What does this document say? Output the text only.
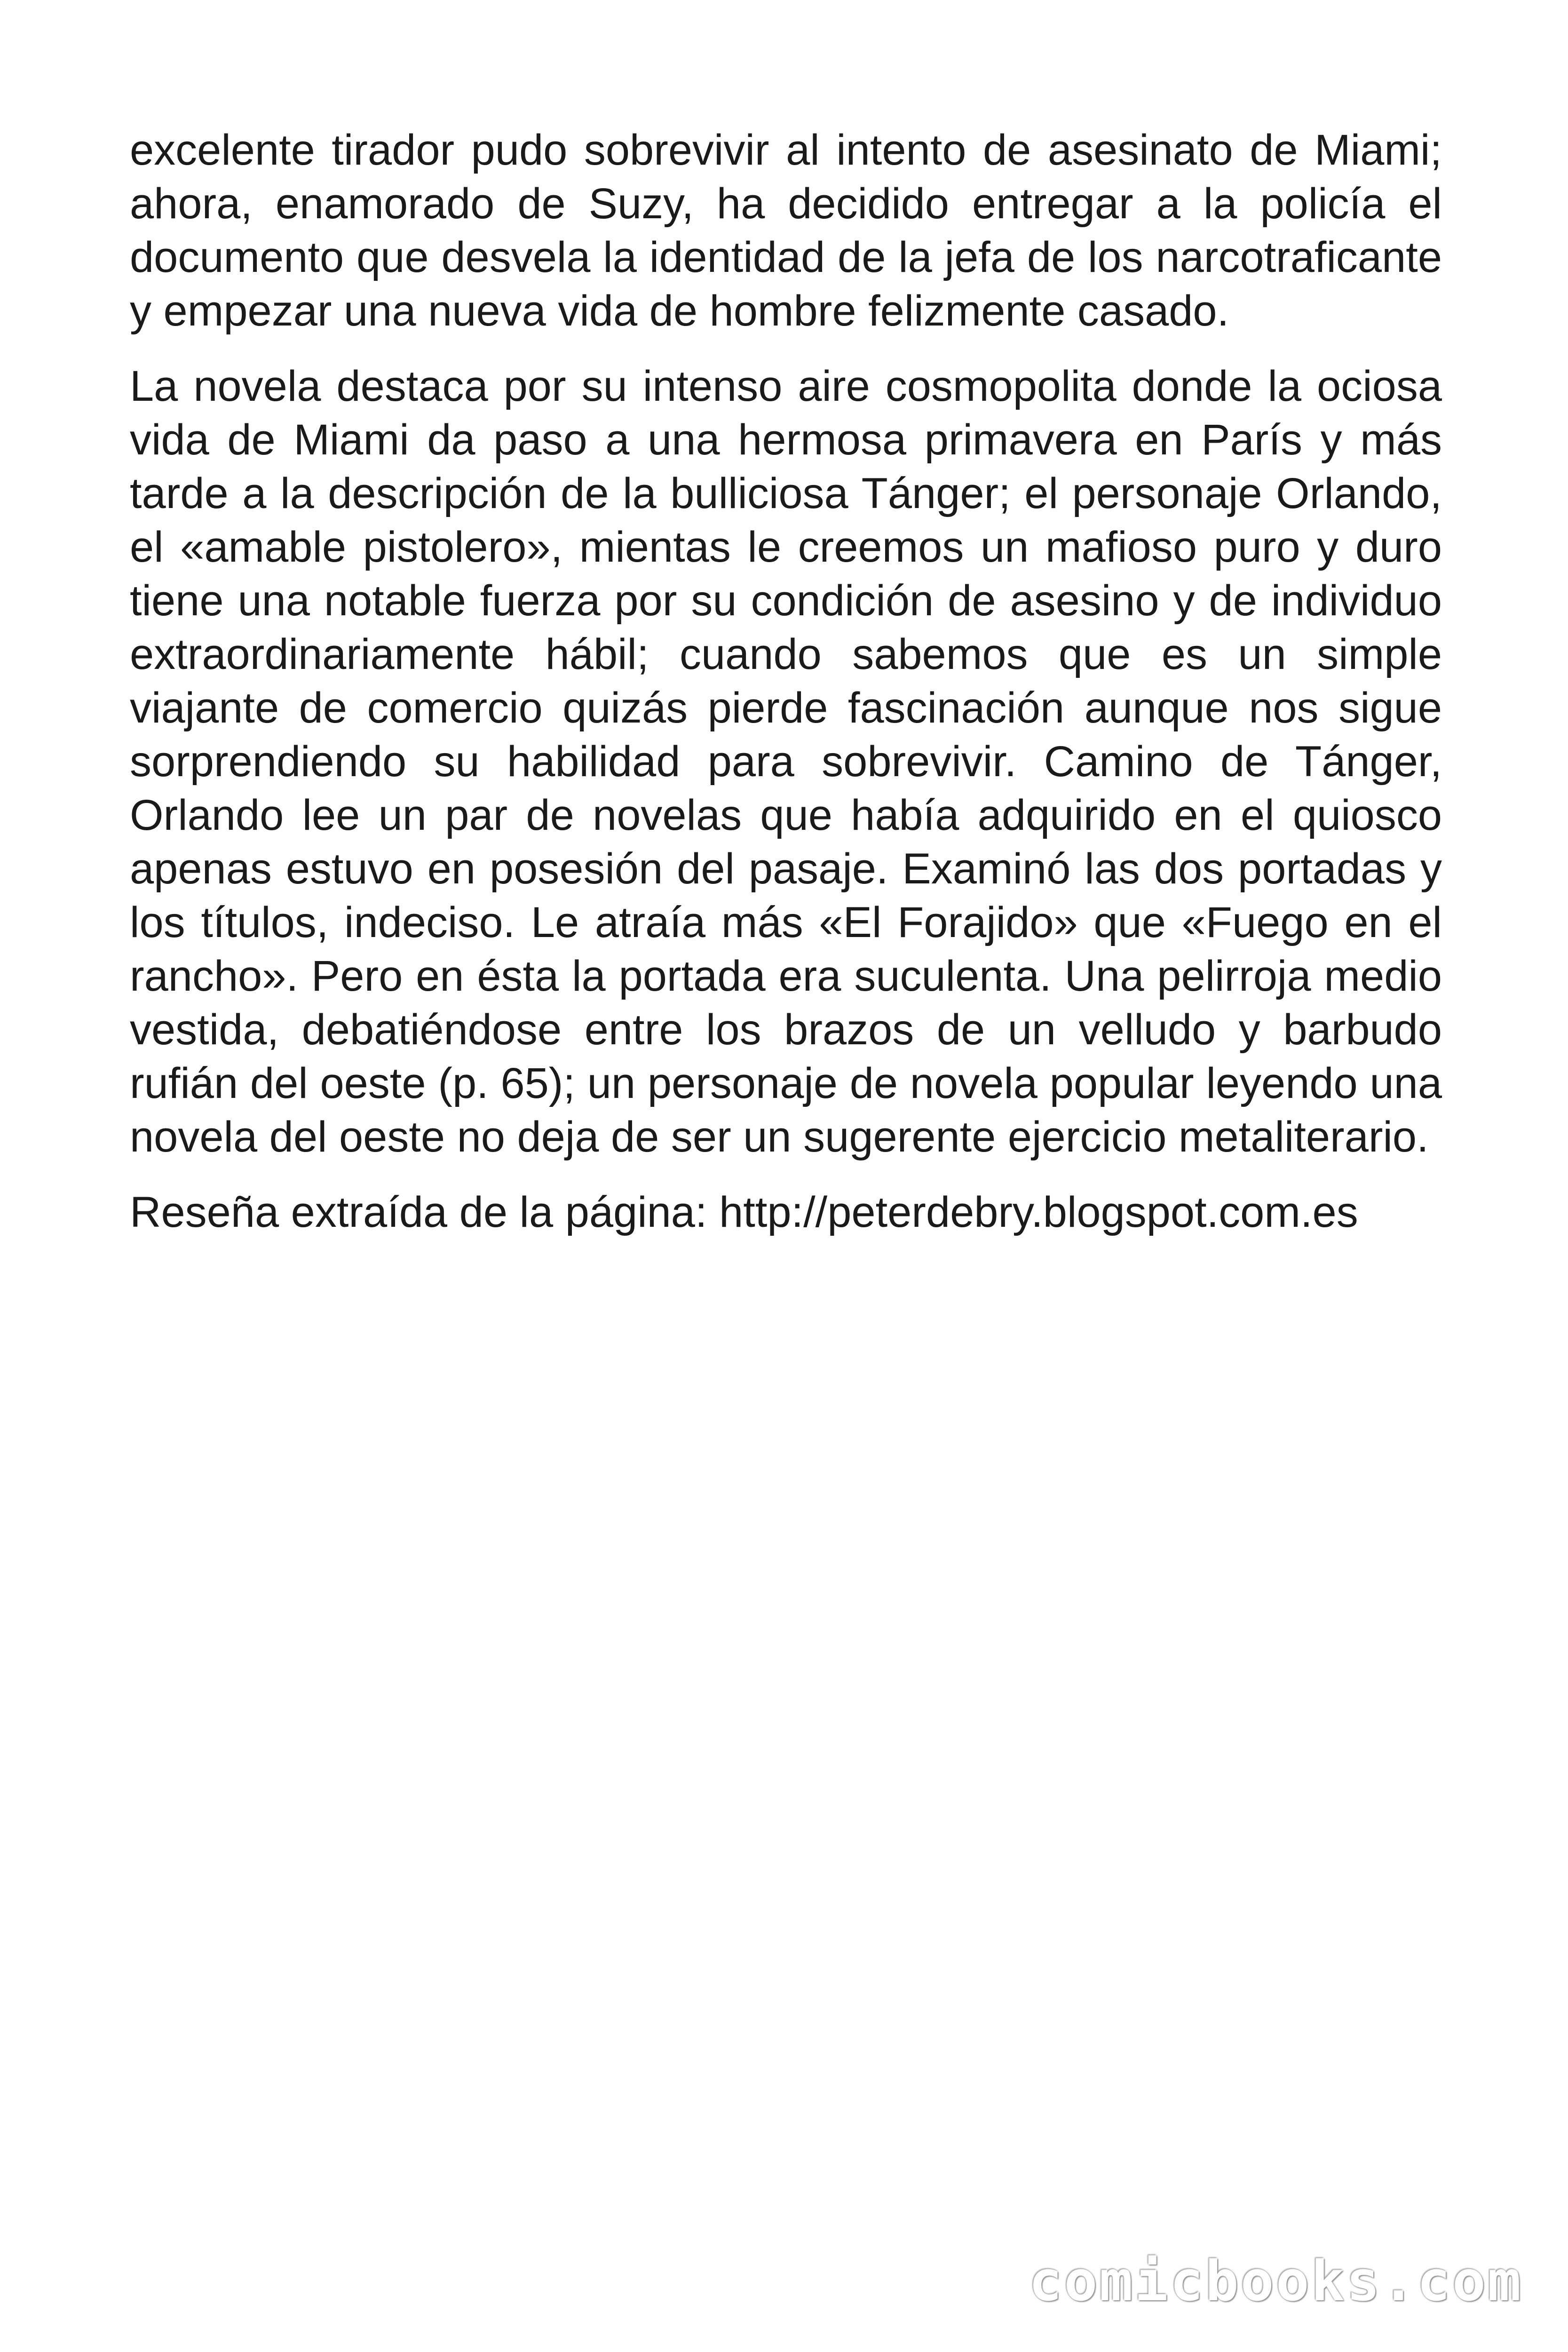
excelente tirador pudo sobrevivir al intento de asesinato de Miami; ahora, enamorado de Suzy, ha decidido entregar a la policía el documento que desvela la identidad de la jefa de los narcotraficante y empezar una nueva vida de hombre felizmente casado.

La novela destaca por su intenso aire cosmopolita donde la ociosa vida de Miami da paso a una hermosa primavera en París y más tarde a la descripción de la bulliciosa Tánger; el personaje Orlando, el «amable pistolero», mientas le creemos un mafioso puro y duro tiene una notable fuerza por su condición de asesino y de individuo extraordinariamente hábil; cuando sabemos que es un simple viajante de comercio quizás pierde fascinación aunque nos sigue sorprendiendo su habilidad para sobrevivir. Camino de Tánger, Orlando lee un par de novelas que había adquirido en el quiosco apenas estuvo en posesión del pasaje. Examinó las dos portadas y los títulos, indeciso. Le atraía más «El Forajido» que «Fuego en el rancho». Pero en ésta la portada era suculenta. Una pelirroja medio vestida, debatiéndose entre los brazos de un velludo y barbudo rufián del oeste (p. 65); un personaje de novela popular leyendo una novela del oeste no deja de ser un sugerente ejercicio metaliterario.

Reseña extraída de la página: http://peterdebry.blogspot.com.es

comicbooks.com
